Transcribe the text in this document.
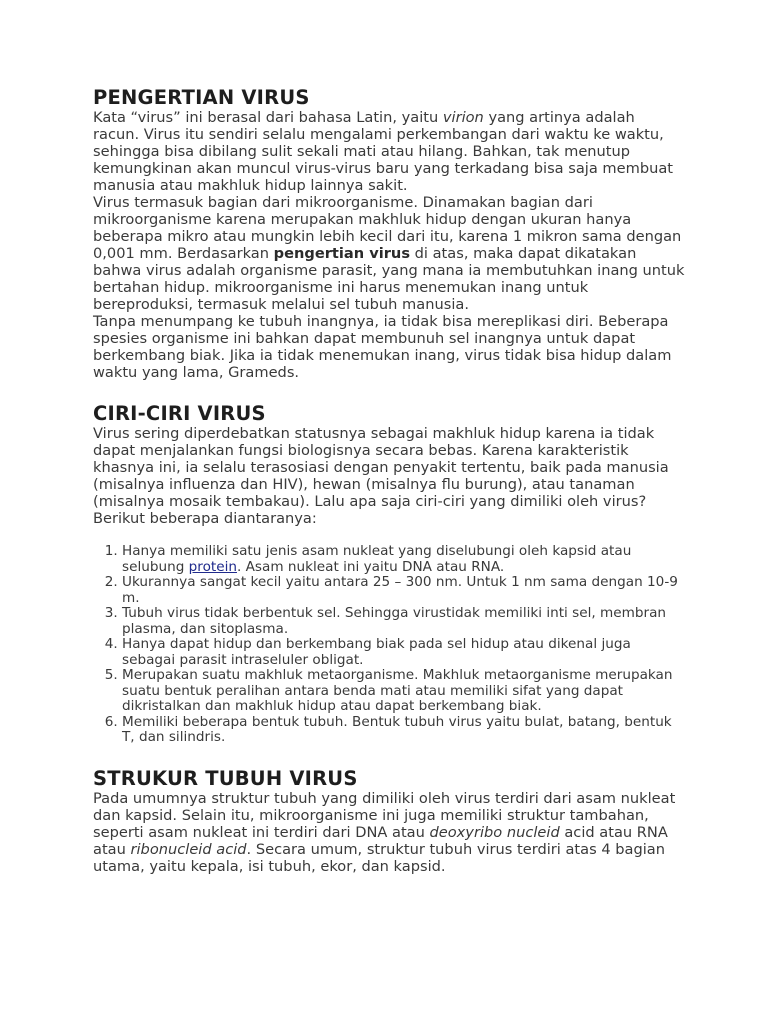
PENGERTIAN VIRUS

Kata “virus” ini berasal dari bahasa Latin, yaitu virion yang artinya adalah racun. Virus itu sendiri selalu mengalami perkembangan dari waktu ke waktu, sehingga bisa dibilang sulit sekali mati atau hilang. Bahkan, tak menutup kemungkinan akan muncul virus-virus baru yang terkadang bisa saja membuat manusia atau makhluk hidup lainnya sakit.

Virus termasuk bagian dari mikroorganisme. Dinamakan bagian dari mikroorganisme karena merupakan makhluk hidup dengan ukuran hanya beberapa mikro atau mungkin lebih kecil dari itu, karena 1 mikron sama dengan 0,001 mm. Berdasarkan pengertian virus di atas, maka dapat dikatakan bahwa virus adalah organisme parasit, yang mana ia membutuhkan inang untuk bertahan hidup. mikroorganisme ini harus menemukan inang untuk bereproduksi, termasuk melalui sel tubuh manusia.

Tanpa menumpang ke tubuh inangnya, ia tidak bisa mereplikasi diri. Beberapa spesies organisme ini bahkan dapat membunuh sel inangnya untuk dapat berkembang biak. Jika ia tidak menemukan inang, virus tidak bisa hidup dalam waktu yang lama, Grameds.

CIRI-CIRI VIRUS

Virus sering diperdebatkan statusnya sebagai makhluk hidup karena ia tidak dapat menjalankan fungsi biologisnya secara bebas. Karena karakteristik khasnya ini, ia selalu terasosiasi dengan penyakit tertentu, baik pada manusia (misalnya influenza dan HIV), hewan (misalnya flu burung), atau tanaman (misalnya mosaik tembakau). Lalu apa saja ciri-ciri yang dimiliki oleh virus? Berikut beberapa diantaranya:

1. Hanya memiliki satu jenis asam nukleat yang diselubungi oleh kapsid atau selubung protein. Asam nukleat ini yaitu DNA atau RNA.
2. Ukurannya sangat kecil yaitu antara 25 – 300 nm. Untuk 1 nm sama dengan 10-9 m.
3. Tubuh virus tidak berbentuk sel. Sehingga virustidak memiliki inti sel, membran plasma, dan sitoplasma.
4. Hanya dapat hidup dan berkembang biak pada sel hidup atau dikenal juga sebagai parasit intraseluler obligat.
5. Merupakan suatu makhluk metaorganisme. Makhluk metaorganisme merupakan suatu bentuk peralihan antara benda mati atau memiliki sifat yang dapat dikristalkan dan makhluk hidup atau dapat berkembang biak.
6. Memiliki beberapa bentuk tubuh. Bentuk tubuh virus yaitu bulat, batang, bentuk T, dan silindris.
STRUKUR TUBUH VIRUS

Pada umumnya struktur tubuh yang dimiliki oleh virus terdiri dari asam nukleat dan kapsid. Selain itu, mikroorganisme ini juga memiliki struktur tambahan, seperti asam nukleat ini terdiri dari DNA atau deoxyribo nucleid acid atau RNA atau ribonucleid acid. Secara umum, struktur tubuh virus terdiri atas 4 bagian utama, yaitu kepala, isi tubuh, ekor, dan kapsid.
